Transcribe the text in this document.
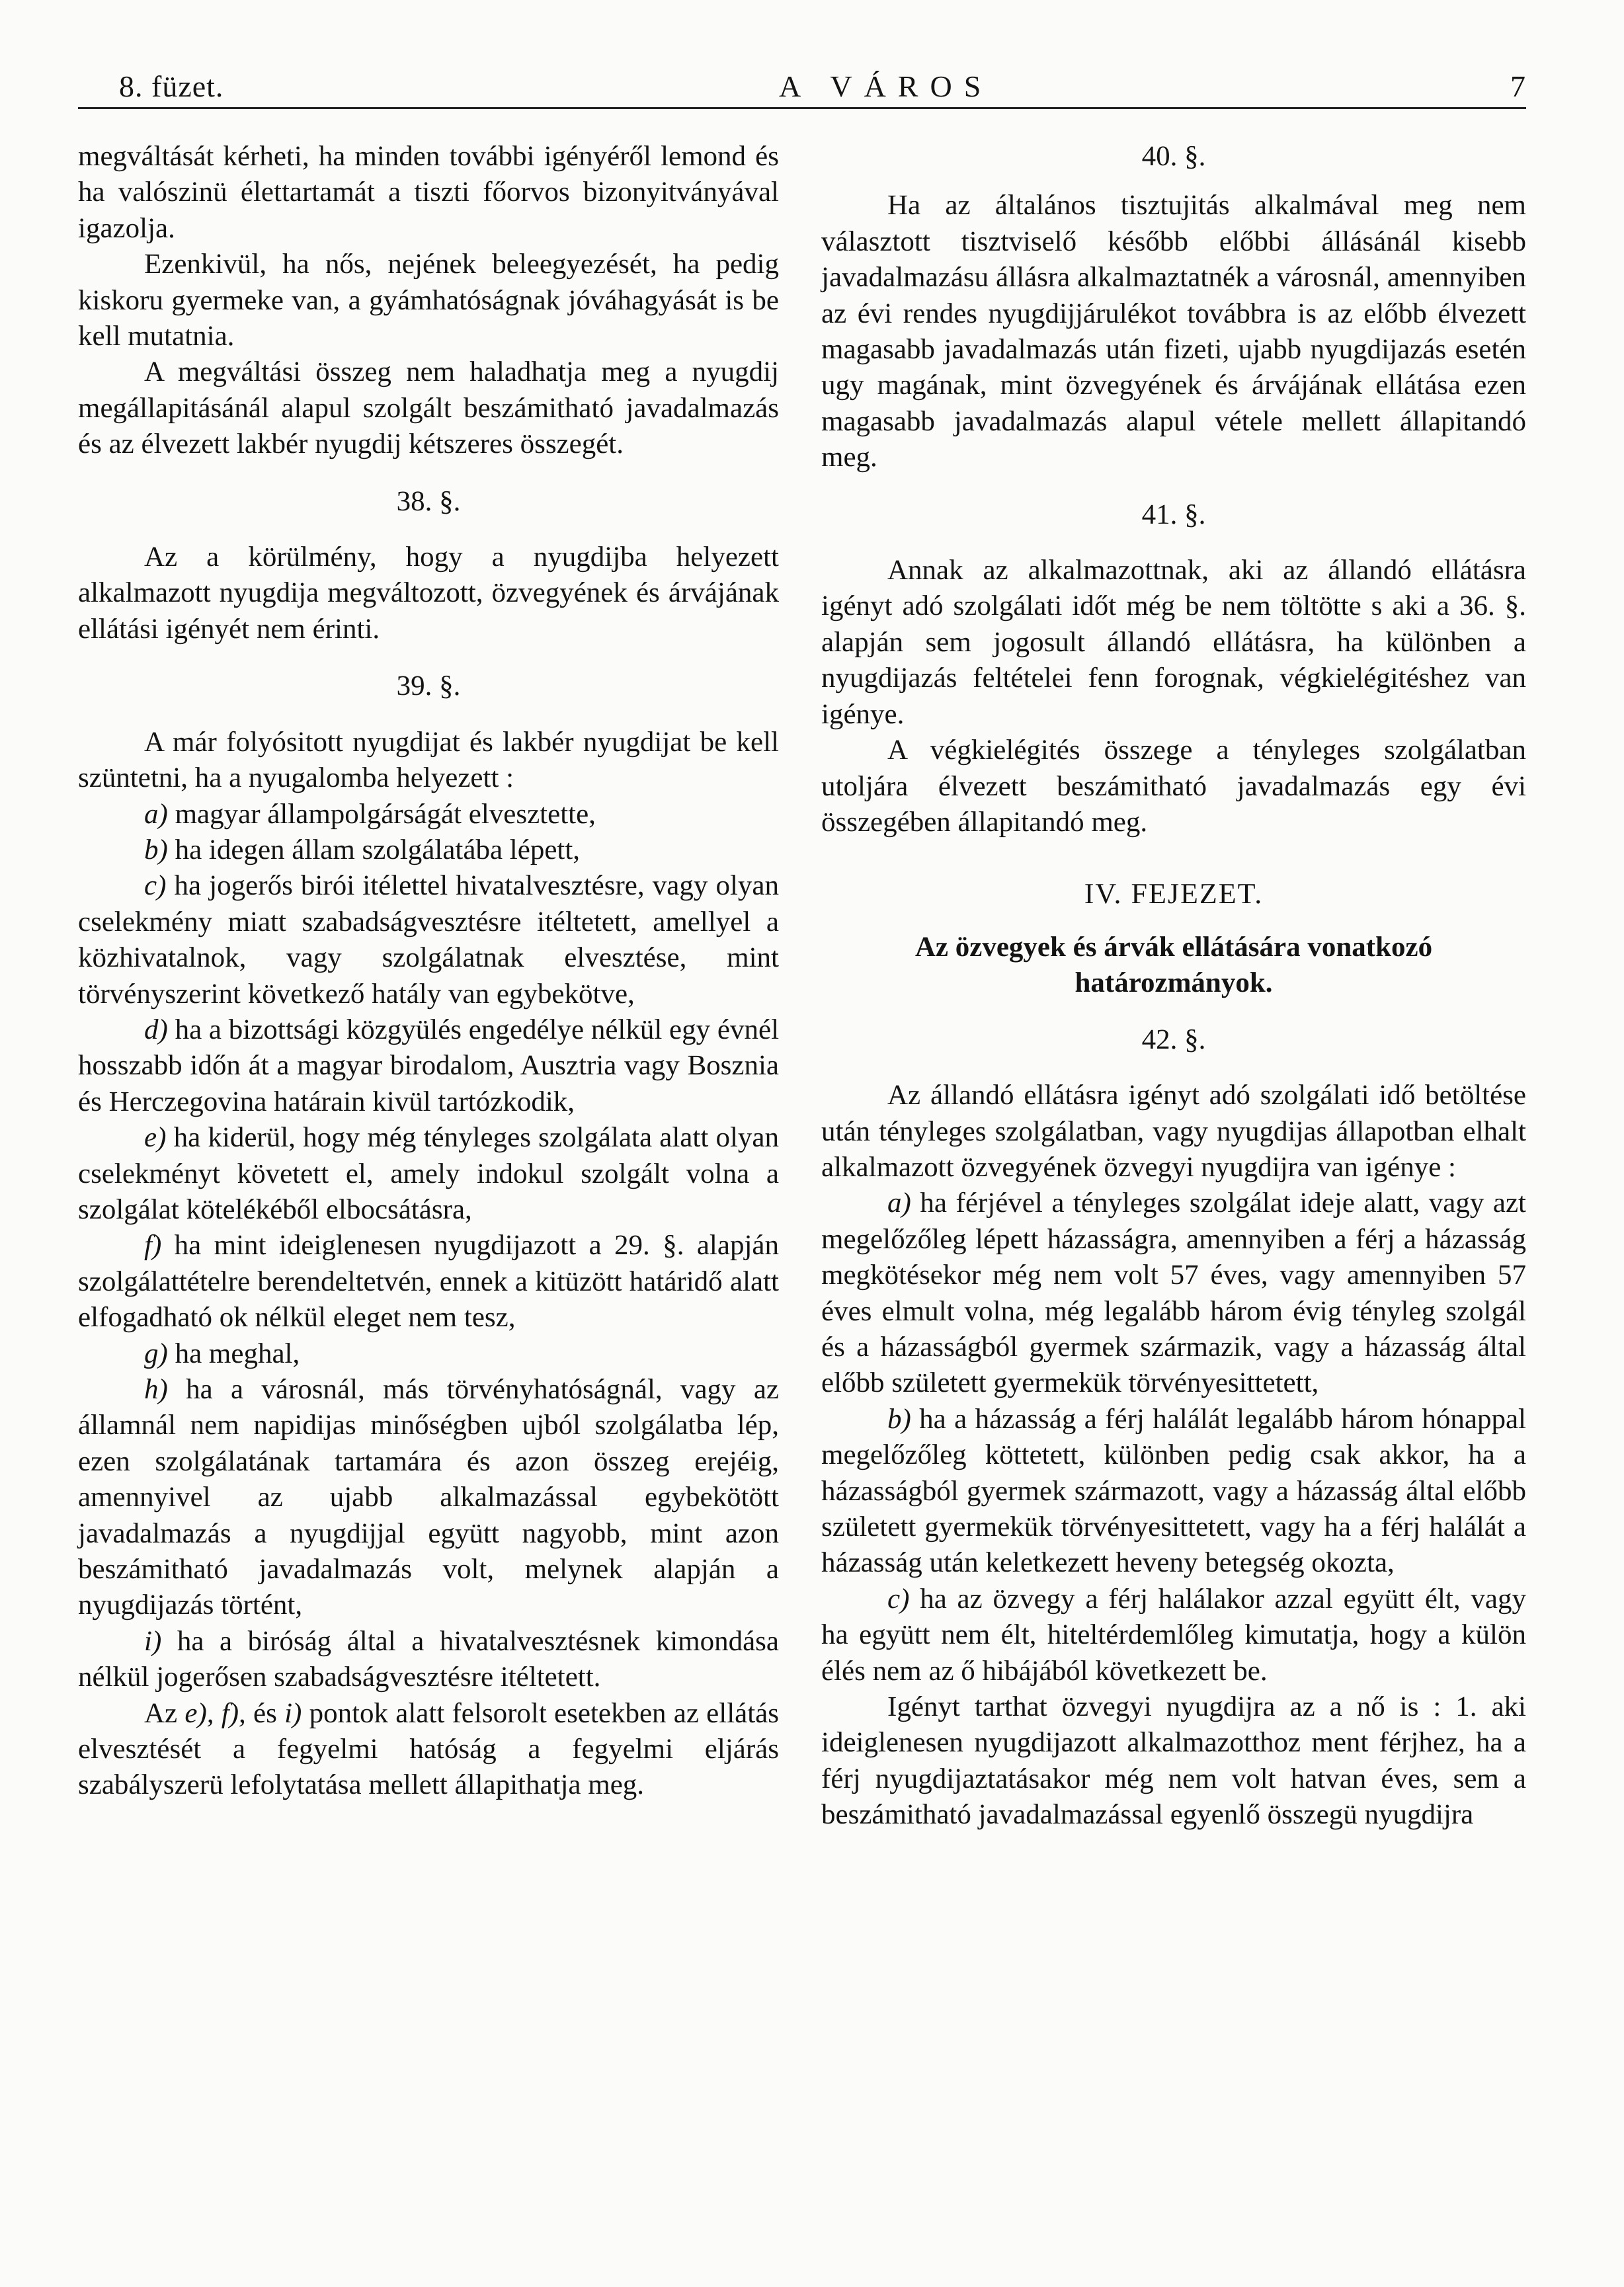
8. füzet.	A VÁROS	7

megváltását kérheti, ha minden további igényéről lemond és ha valószinü élettartamát a tiszti főorvos bizonyitványával igazolja.

Ezenkivül, ha nős, nejének beleegyezését, ha pedig kiskoru gyermeke van, a gyámhatóságnak jóváhagyását is be kell mutatnia.

A megváltási összeg nem haladhatja meg a nyugdij megállapitásánál alapul szolgált beszámitható javadalmazás és az élvezett lakbér nyugdij kétszeres összegét.

38. §.

Az a körülmény, hogy a nyugdijba helyezett alkalmazott nyugdija megváltozott, özvegyének és árvájának ellátási igényét nem érinti.

39. §.

A már folyósitott nyugdijat és lakbér nyugdijat be kell szüntetni, ha a nyugalomba helyezett :

a) magyar állampolgárságát elvesztette,

b) ha idegen állam szolgálatába lépett,

c) ha jogerős birói itélettel hivatalvesztésre, vagy olyan cselekmény miatt szabadságvesztésre itéltetett, amellyel a közhivatalnok, vagy szolgálatnak elvesztése, mint törvényszerint következő hatály van egybekötve,

d) ha a bizottsági közgyülés engedélye nélkül egy évnél hosszabb időn át a magyar birodalom, Ausztria vagy Bosznia és Herczegovina határain kivül tartózkodik,

e) ha kiderül, hogy még tényleges szolgálata alatt olyan cselekményt követett el, amely indokul szolgált volna a szolgálat kötelékéből elbocsátásra,

f) ha mint ideiglenesen nyugdijazott a 29. §. alapján szolgálattételre berendeltetvén, ennek a kitüzött határidő alatt elfogadható ok nélkül eleget nem tesz,

g) ha meghal,

h) ha a városnál, más törvényhatóságnál, vagy az államnál nem napidijas minőségben ujból szolgálatba lép, ezen szolgálatának tartamára és azon összeg erejéig, amennyivel az ujabb alkalmazással egybekötött javadalmazás a nyugdijjal együtt nagyobb, mint azon beszámitható javadalmazás volt, melynek alapján a nyugdijazás történt,

i) ha a biróság által a hivatalvesztésnek kimondása nélkül jogerősen szabadságvesztésre itéltetett.

Az e), f), és i) pontok alatt felsorolt esetekben az ellátás elvesztését a fegyelmi hatóság a fegyelmi eljárás szabályszerü lefolytatása mellett állapithatja meg.

40. §.

Ha az általános tisztujitás alkalmával meg nem választott tisztviselő később előbbi állásánál kisebb javadalmazásu állásra alkalmaztatnék a városnál, amennyiben az évi rendes nyugdijjárulékot továbbra is az előbb élvezett magasabb javadalmazás után fizeti, ujabb nyugdijazás esetén ugy magának, mint özvegyének és árvájának ellátása ezen magasabb javadalmazás alapul vétele mellett állapitandó meg.

41. §.

Annak az alkalmazottnak, aki az állandó ellátásra igényt adó szolgálati időt még be nem töltötte s aki a 36. §. alapján sem jogosult állandó ellátásra, ha különben a nyugdijazás feltételei fenn forognak, végkielégitéshez van igénye.

A végkielégités összege a tényleges szolgálatban utoljára élvezett beszámitható javadalmazás egy évi összegében állapitandó meg.

IV. FEJEZET.

Az özvegyek és árvák ellátására vonatkozó határozmányok.

42. §.

Az állandó ellátásra igényt adó szolgálati idő betöltése után tényleges szolgálatban, vagy nyugdijas állapotban elhalt alkalmazott özvegyének özvegyi nyugdijra van igénye :

a) ha férjével a tényleges szolgálat ideje alatt, vagy azt megelőzőleg lépett házasságra, amennyiben a férj a házasság megkötésekor még nem volt 57 éves, vagy amennyiben 57 éves elmult volna, még legalább három évig tényleg szolgál és a házasságból gyermek származik, vagy a házasság által előbb született gyermekük törvényesittetett,

b) ha a házasság a férj halálát legalább három hónappal megelőzőleg köttetett, különben pedig csak akkor, ha a házasságból gyermek származott, vagy a házasság által előbb született gyermekük törvényesittetett, vagy ha a férj halálát a házasság után keletkezett heveny betegség okozta,

c) ha az özvegy a férj halálakor azzal együtt élt, vagy ha együtt nem élt, hiteltérdemlőleg kimutatja, hogy a külön élés nem az ő hibájából következett be.

Igényt tarthat özvegyi nyugdijra az a nő is : 1. aki ideiglenesen nyugdijazott alkalmazotthoz ment férjhez, ha a férj nyugdijaztatásakor még nem volt hatvan éves, sem a beszámitható javadalmazással egyenlő összegü nyugdijra
